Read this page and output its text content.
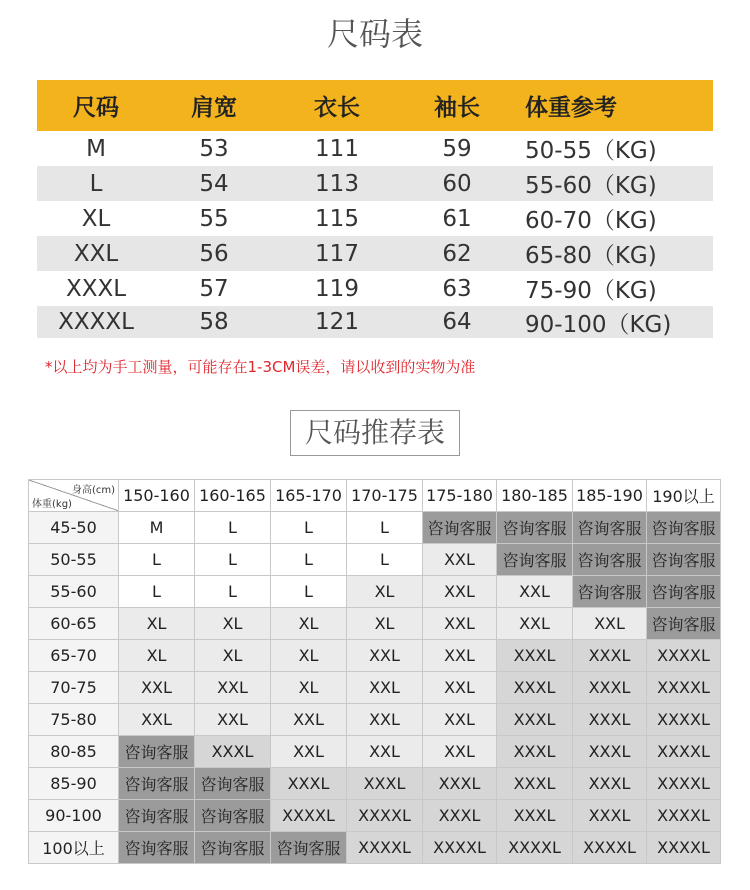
尺码表
尺码	肩宽	衣长	袖长	体重参考
M	53	111	59	50-55（KG)
L	54	113	60	55-60（KG)
XL	55	115	61	60-70（KG)
XXL	56	117	62	65-80（KG)
XXXL	57	119	63	75-90（KG)
XXXXL	58	121	64	90-100（KG)
*以上均为手工测量，可能存在1-3CM误差，请以收到的实物为准
尺码推荐表
身高(cm)
体重(kg)	150-160	160-165	165-170	170-175	175-180	180-185	185-190	190以上
45-50	M	L	L	L	咨询客服	咨询客服	咨询客服	咨询客服
50-55	L	L	L	L	XXL	咨询客服	咨询客服	咨询客服
55-60	L	L	L	XL	XXL	XXL	咨询客服	咨询客服
60-65	XL	XL	XL	XL	XXL	XXL	XXL	咨询客服
65-70	XL	XL	XL	XXL	XXL	XXXL	XXXL	XXXXL
70-75	XXL	XXL	XL	XXL	XXL	XXXL	XXXL	XXXXL
75-80	XXL	XXL	XXL	XXL	XXL	XXXL	XXXL	XXXXL
80-85	咨询客服	XXXL	XXL	XXL	XXL	XXXL	XXXL	XXXXL
85-90	咨询客服	咨询客服	XXXL	XXXL	XXXL	XXXL	XXXL	XXXXL
90-100	咨询客服	咨询客服	XXXXL	XXXXL	XXXL	XXXL	XXXL	XXXXL
100以上	咨询客服	咨询客服	咨询客服	XXXXL	XXXXL	XXXXL	XXXXL	XXXXL
